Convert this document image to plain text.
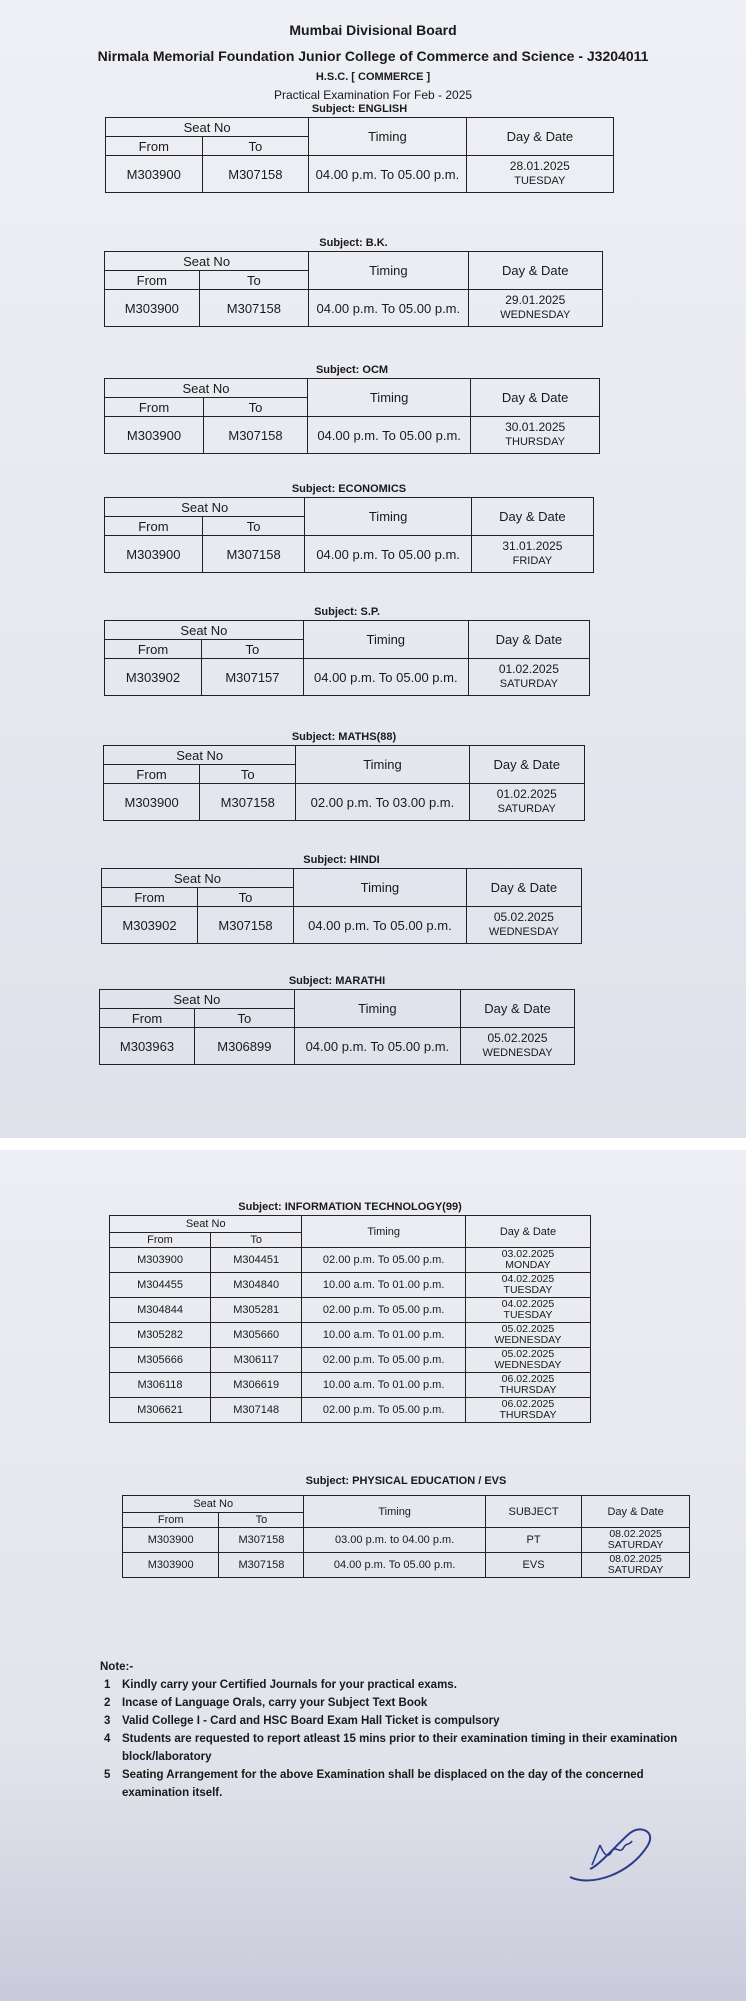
Mumbai Divisional Board
Nirmala Memorial Foundation Junior College of Commerce and Science - J3204011
H.S.C. [ COMMERCE ]
Practical Examination For Feb - 2025
Subject: ENGLISH
Seat No		Timing	Day & Date
From	To		
M303900	M307158	04.00 p.m. To 05.00 p.m.	28.01.2025
TUESDAY
Subject: B.K.
Seat No		Timing	Day & Date
From	To		
M303900	M307158	04.00 p.m. To 05.00 p.m.	29.01.2025
WEDNESDAY
Subject: OCM
Seat No		Timing	Day & Date
From	To		
M303900	M307158	04.00 p.m. To 05.00 p.m.	30.01.2025
THURSDAY
Subject: ECONOMICS
Seat No		Timing	Day & Date
From	To		
M303900	M307158	04.00 p.m. To 05.00 p.m.	31.01.2025
FRIDAY
Subject: S.P.
Seat No		Timing	Day & Date
From	To		
M303902	M307157	04.00 p.m. To 05.00 p.m.	01.02.2025
SATURDAY
Subject: MATHS(88)
Seat No		Timing	Day & Date
From	To		
M303900	M307158	02.00 p.m. To 03.00 p.m.	01.02.2025
SATURDAY
Subject: HINDI
Seat No		Timing	Day & Date
From	To		
M303902	M307158	04.00 p.m. To 05.00 p.m.	05.02.2025
WEDNESDAY
Subject: MARATHI
Seat No		Timing	Day & Date
From	To		
M303963	M306899	04.00 p.m. To 05.00 p.m.	05.02.2025
WEDNESDAY
Subject: INFORMATION TECHNOLOGY(99)
Seat No		Timing	Day & Date
From	To		
M303900	M304451	02.00 p.m. To 05.00 p.m.	03.02.2025
MONDAY

M304455	M304840	10.00 a.m. To 01.00 p.m.	04.02.2025
TUESDAY

M304844	M305281	02.00 p.m. To 05.00 p.m.	04.02.2025
TUESDAY

M305282	M305660	10.00 a.m. To 01.00 p.m.	05.02.2025
WEDNESDAY

M305666	M306117	02.00 p.m. To 05.00 p.m.	05.02.2025
WEDNESDAY

M306118	M306619	10.00 a.m. To 01.00 p.m.	06.02.2025
THURSDAY

M306621	M307148	02.00 p.m. To 05.00 p.m.	06.02.2025
THURSDAY
Subject: PHYSICAL EDUCATION / EVS
Seat No		Timing	SUBJECT	Day & Date
From	To			
M303900	M307158	03.00 p.m. to 04.00 p.m.	PT	08.02.2025
SATURDAY

M303900	M307158	04.00 p.m. To 05.00 p.m.	EVS	08.02.2025
SATURDAY
Note:-
1	Kindly carry your Certified Journals for your practical exams.
2	Incase of Language Orals, carry your Subject Text Book
3	Valid College I - Card and HSC Board Exam Hall Ticket is compulsory
4	Students are requested to report atleast 15 mins prior to their examination timing in their examination block/laboratory
5	Seating Arrangement for the above Examination shall be displaced on the day of the concerned examination itself.
